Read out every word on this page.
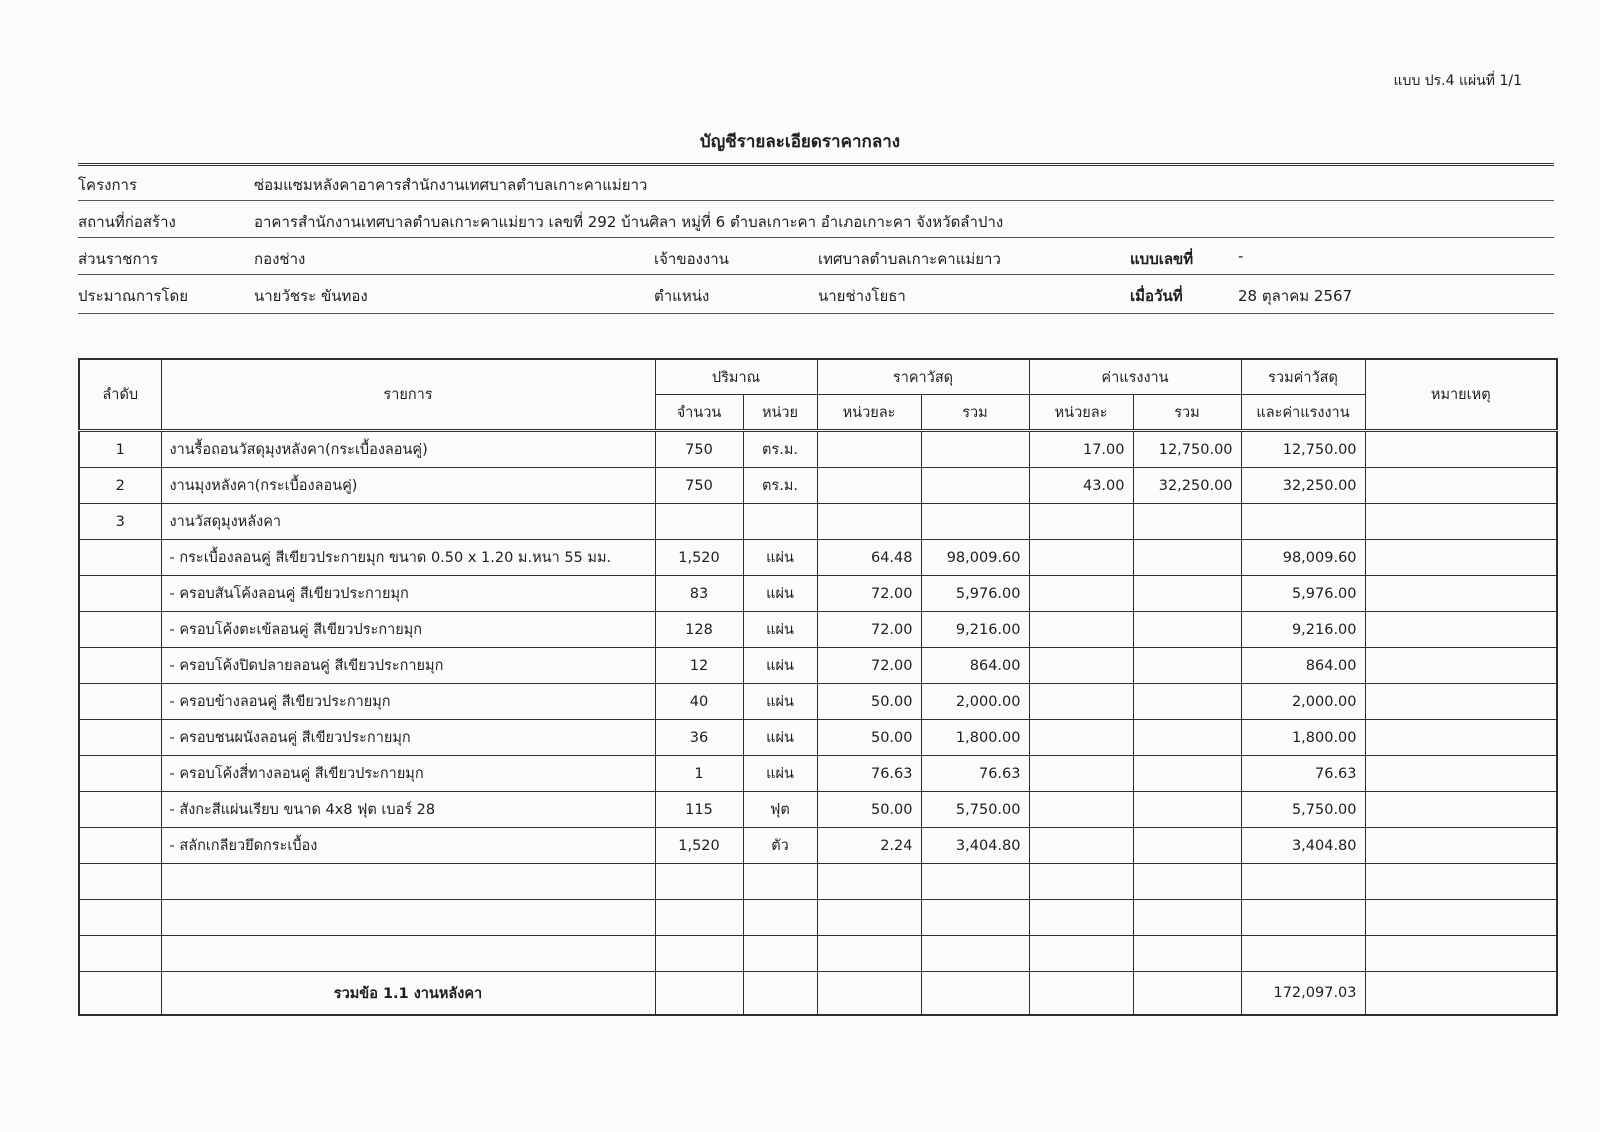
แบบ ปร.4 แผ่นที่ 1/1
บัญชีรายละเอียดราคากลาง
โครงการ	ซ่อมแซมหลังคาอาคารสำนักงานเทศบาลตำบลเกาะคาแม่ยาว
สถานที่ก่อสร้าง	อาคารสำนักงานเทศบาลตำบลเกาะคาแม่ยาว เลขที่ 292 บ้านศิลา หมู่ที่ 6 ตำบลเกาะคา อำเภอเกาะคา จังหวัดลำปาง
ส่วนราชการ	กองช่าง	เจ้าของงาน	เทศบาลตำบลเกาะคาแม่ยาว	แบบเลขที่	-
ประมาณการโดย	นายวัชระ ขันทอง	ตำแหน่ง	นายช่างโยธา	เมื่อวันที่	28 ตุลาคม 2567
ลำดับ	รายการ	ปริมาณ		ราคาวัสดุ		ค่าแรงงาน		รวมค่าวัสดุ	หมายเหตุ
		จำนวน	หน่วย	หน่วยละ	รวม	หน่วยละ	รวม	และค่าแรงงาน	
1	งานรื้อถอนวัสดุมุงหลังคา(กระเบื้องลอนคู่)	750	ตร.ม.			17.00	12,750.00	12,750.00	
2	งานมุงหลังคา(กระเบื้องลอนคู่)	750	ตร.ม.			43.00	32,250.00	32,250.00	
3	งานวัสดุมุงหลังคา								
	- กระเบื้องลอนคู่ สีเขียวประกายมุก ขนาด 0.50 x 1.20 ม.หนา 55 มม.	1,520	แผ่น	64.48	98,009.60			98,009.60	
	- ครอบสันโค้งลอนคู่ สีเขียวประกายมุก	83	แผ่น	72.00	5,976.00			5,976.00	
	- ครอบโค้งตะเข้ลอนคู่ สีเขียวประกายมุก	128	แผ่น	72.00	9,216.00			9,216.00	
	- ครอบโค้งปิดปลายลอนคู่ สีเขียวประกายมุก	12	แผ่น	72.00	864.00			864.00	
	- ครอบข้างลอนคู่ สีเขียวประกายมุก	40	แผ่น	50.00	2,000.00			2,000.00	
	- ครอบชนผนังลอนคู่ สีเขียวประกายมุก	36	แผ่น	50.00	1,800.00			1,800.00	
	- ครอบโค้งสี่ทางลอนคู่ สีเขียวประกายมุก	1	แผ่น	76.63	76.63			76.63	
	- สังกะสีแผ่นเรียบ ขนาด 4x8 ฟุต เบอร์ 28	115	ฟุต	50.00	5,750.00			5,750.00	
	- สลักเกลียวยึดกระเบื้อง	1,520	ตัว	2.24	3,404.80			3,404.80	

	รวมข้อ 1.1 งานหลังคา							172,097.03	
